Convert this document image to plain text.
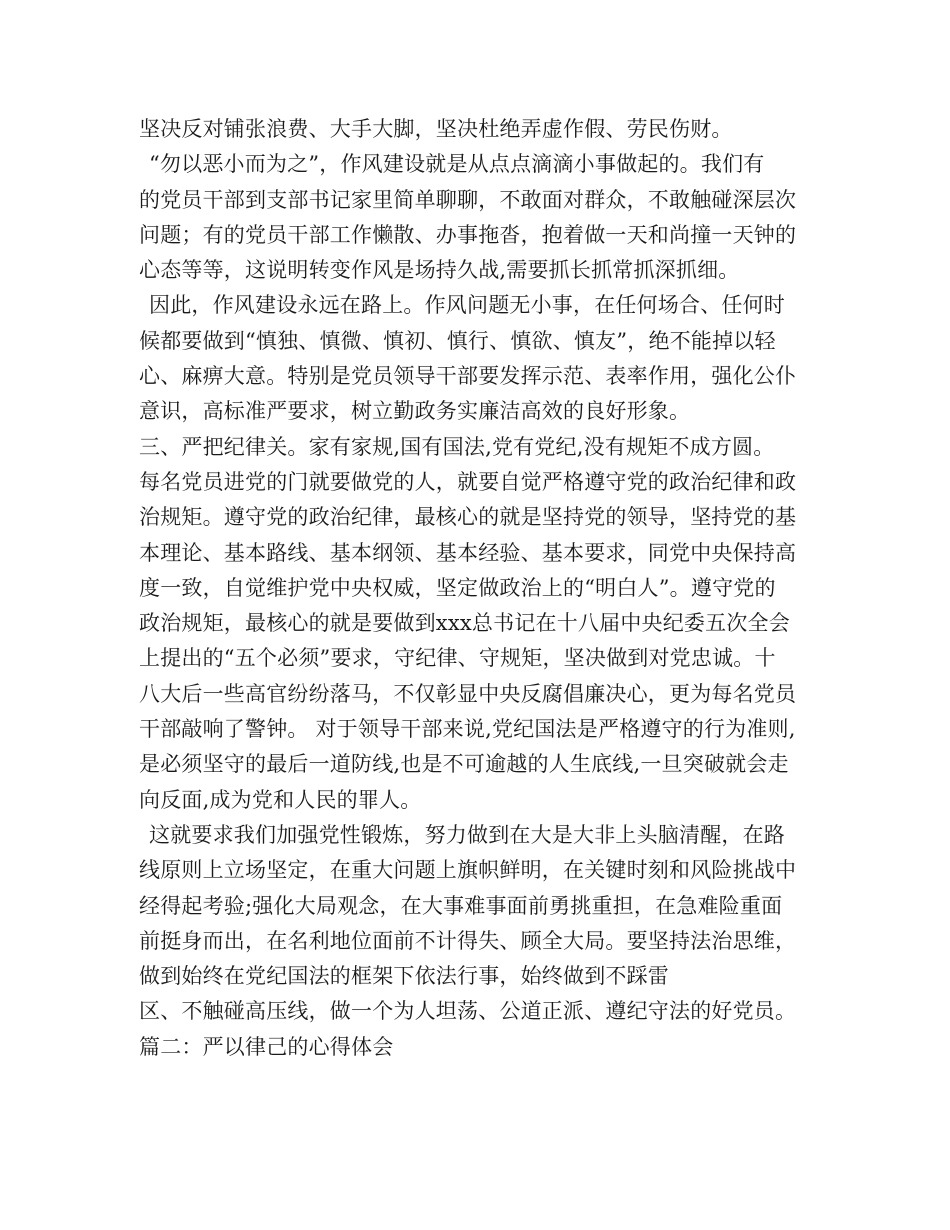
坚决反对铺张浪费、大手大脚，坚决杜绝弄虚作假、劳民伤财。
“勿以恶小而为之”，作风建设就是从点点滴滴小事做起的。我们有
的党员干部到支部书记家里简单聊聊，不敢面对群众，不敢触碰深层次
问题；有的党员干部工作懒散、办事拖沓，抱着做一天和尚撞一天钟的
心态等等，这说明转变作风是场持久战,需要抓长抓常抓深抓细。
因此，作风建设永远在路上。作风问题无小事，在任何场合、任何时
候都要做到“慎独、慎微、慎初、慎行、慎欲、慎友”，绝不能掉以轻
心、麻痹大意。特别是党员领导干部要发挥示范、表率作用，强化公仆
意识，高标准严要求，树立勤政务实廉洁高效的良好形象。
三、严把纪律关。家有家规,国有国法,党有党纪,没有规矩不成方圆。
每名党员进党的门就要做党的人，就要自觉严格遵守党的政治纪律和政
治规矩。遵守党的政治纪律，最核心的就是坚持党的领导，坚持党的基
本理论、基本路线、基本纲领、基本经验、基本要求，同党中央保持高
度一致，自觉维护党中央权威，坚定做政治上的“明白人”。遵守党的
政治规矩，最核心的就是要做到xxx总书记在十八届中央纪委五次全会
上提出的“五个必须”要求，守纪律、守规矩，坚决做到对党忠诚。十
八大后一些高官纷纷落马，不仅彰显中央反腐倡廉决心，更为每名党员
干部敲响了警钟。 对于领导干部来说,党纪国法是严格遵守的行为准则,
是必须坚守的最后一道防线,也是不可逾越的人生底线,一旦突破就会走
向反面,成为党和人民的罪人。
这就要求我们加强党性锻炼，努力做到在大是大非上头脑清醒，在路
线原则上立场坚定，在重大问题上旗帜鲜明，在关键时刻和风险挑战中
经得起考验;强化大局观念，在大事难事面前勇挑重担，在急难险重面
前挺身而出，在名利地位面前不计得失、顾全大局。要坚持法治思维，
做到始终在党纪国法的框架下依法行事，始终做到不踩雷
区、不触碰高压线，做一个为人坦荡、公道正派、遵纪守法的好党员。
篇二：严以律己的心得体会
